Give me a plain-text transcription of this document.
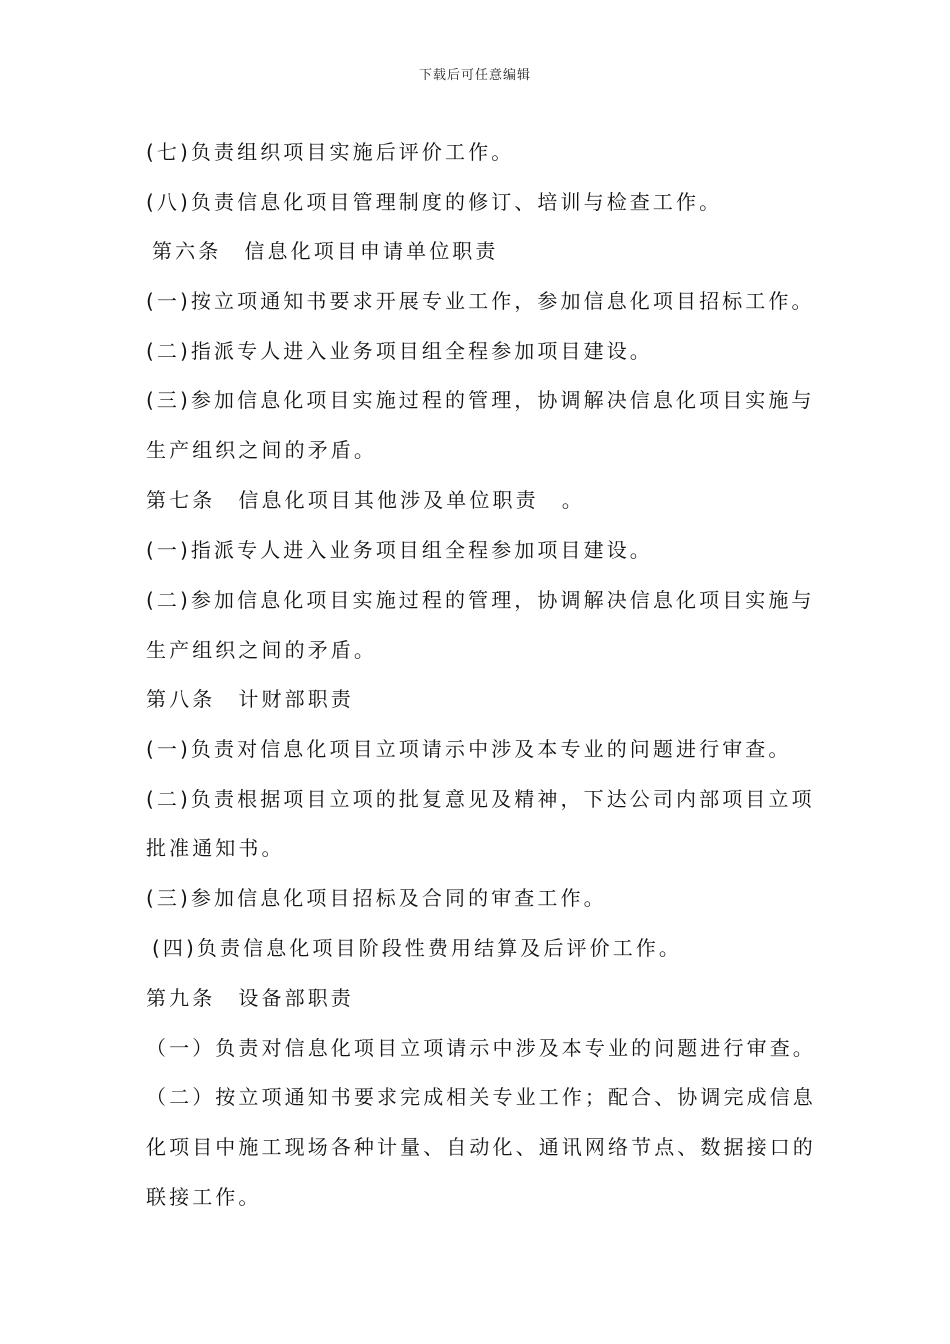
下载后可任意编辑
(七)负责组织项目实施后评价工作。
(八)负责信息化项目管理制度的修订、培训与检查工作。
第六条　信息化项目申请单位职责
(一)按立项通知书要求开展专业工作，参加信息化项目招标工作。
(二)指派专人进入业务项目组全程参加项目建设。
(三)参加信息化项目实施过程的管理，协调解决信息化项目实施与
生产组织之间的矛盾。
第七条　信息化项目其他涉及单位职责　。
(一)指派专人进入业务项目组全程参加项目建设。
(二)参加信息化项目实施过程的管理，协调解决信息化项目实施与
生产组织之间的矛盾。
第八条　计财部职责
(一)负责对信息化项目立项请示中涉及本专业的问题进行审查。
(二)负责根据项目立项的批复意见及精神，下达公司内部项目立项
批准通知书。
(三)参加信息化项目招标及合同的审查工作。
(四)负责信息化项目阶段性费用结算及后评价工作。
第九条　设备部职责
（一）负责对信息化项目立项请示中涉及本专业的问题进行审查。
（二）按立项通知书要求完成相关专业工作；配合、协调完成信息
化项目中施工现场各种计量、自动化、通讯网络节点、数据接口的
联接工作。
